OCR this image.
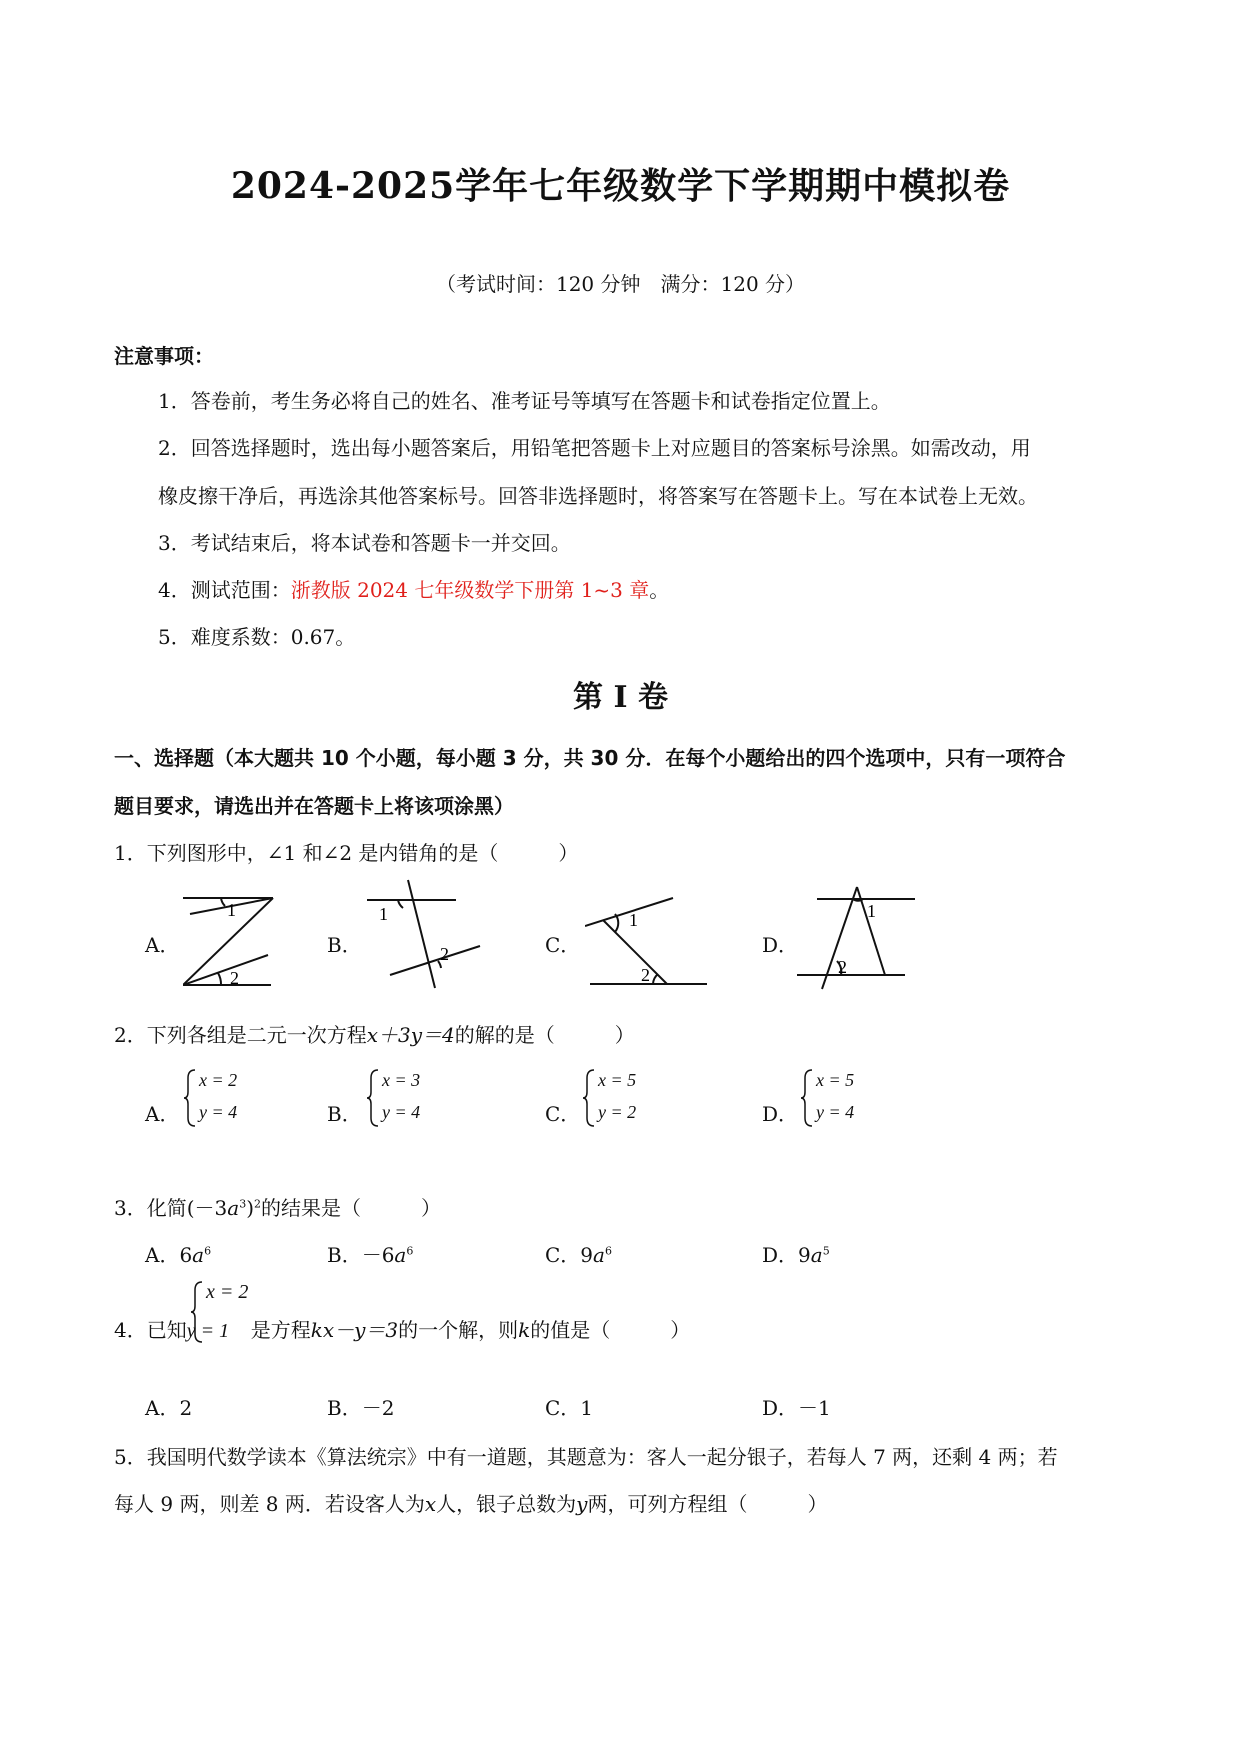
2024-2025学年七年级数学下学期期中模拟卷
（考试时间：120 分钟　满分：120 分）
注意事项：
1．答卷前，考生务必将自己的姓名、准考证号等填写在答题卡和试卷指定位置上。
2．回答选择题时，选出每小题答案后，用铅笔把答题卡上对应题目的答案标号涂黑。如需改动，用
橡皮擦干净后，再选涂其他答案标号。回答非选择题时，将答案写在答题卡上。写在本试卷上无效。
3．考试结束后，将本试卷和答题卡一并交回。
4．测试范围：浙教版 2024 七年级数学下册第 1~3 章。
5．难度系数：0.67。
第 Ⅰ 卷
一、选择题（本大题共 10 个小题，每小题 3 分，共 30 分．在每个小题给出的四个选项中，只有一项符合
题目要求，请选出并在答题卡上将该项涂黑）
1．下列图形中，∠1 和∠2 是内错角的是（　　　）
A．
1
2
B．
1
2	C．
1
2
D．
1
2
2．下列各组是二元一次方程x＋3y＝4的解的是（　　　）
A．
x = 2
y = 4	B．
x = 3
y = 4	C．
x = 5
y = 2	D．
x = 5
y = 4
3．化简$(-3a^3)^2$的结果是（　　　）
A．$6a^6$	B．$-6a^6$	C．$9a^6$	D．$9a^5$
x = 2
4．已知y = 1 是方程kx－y＝3的一个解，则k的值是（　　　）
A．2	B．－2	C．1	D．－1
5．我国明代数学读本《算法统宗》中有一道题，其题意为：客人一起分银子，若每人 7 两，还剩 4 两；若
每人 9 两，则差 8 两．若设客人为x人，银子总数为y两，可列方程组（　　　）
